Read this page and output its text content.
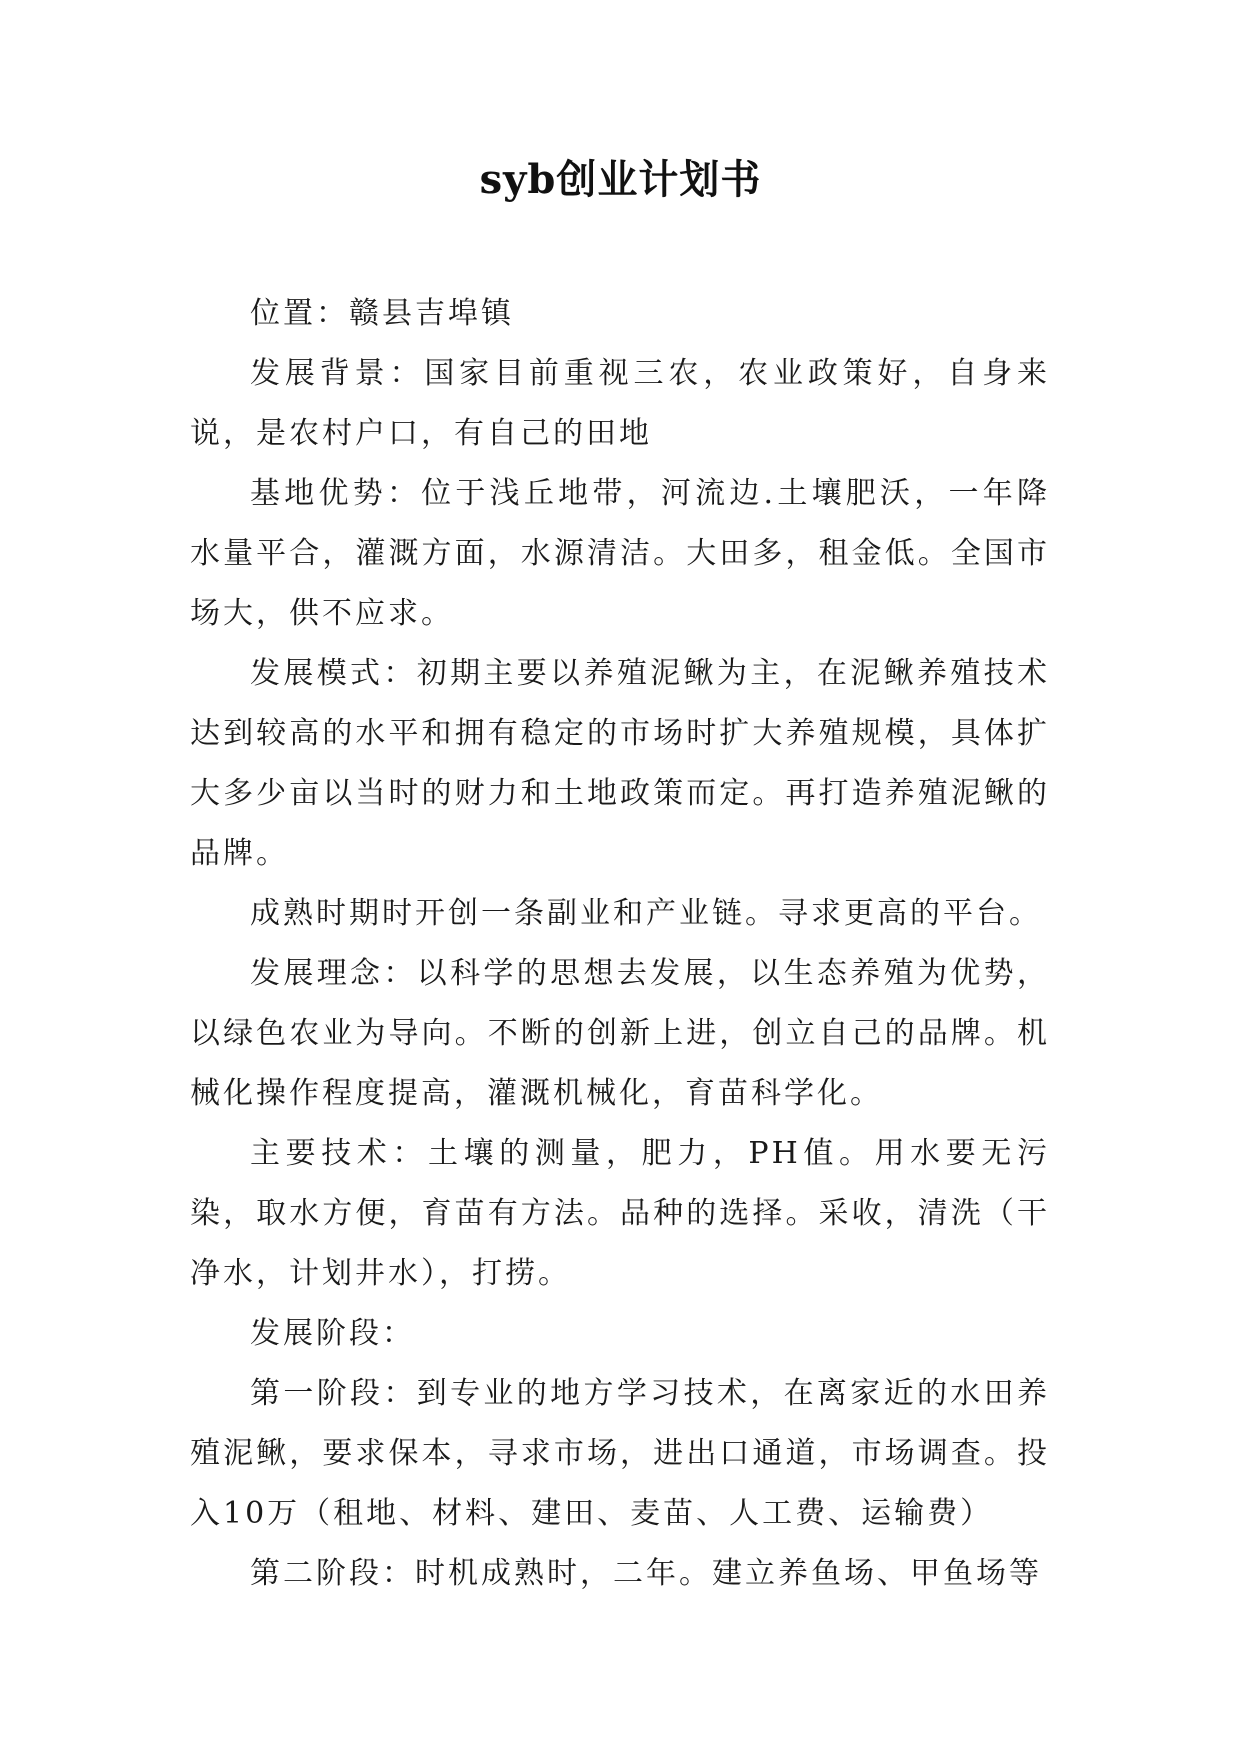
syb创业计划书

位置：赣县吉埠镇

发展背景：国家目前重视三农，农业政策好，自身来说，是农村户口，有自己的田地

基地优势：位于浅丘地带，河流边.土壤肥沃，一年降水量平合，灌溉方面，水源清洁。大田多，租金低。全国市场大，供不应求。

发展模式：初期主要以养殖泥鳅为主，在泥鳅养殖技术达到较高的水平和拥有稳定的市场时扩大养殖规模，具体扩大多少亩以当时的财力和土地政策而定。再打造养殖泥鳅的品牌。

成熟时期时开创一条副业和产业链。寻求更高的平台。

发展理念：以科学的思想去发展，以生态养殖为优势，以绿色农业为导向。不断的创新上进，创立自己的品牌。机械化操作程度提高，灌溉机械化，育苗科学化。

主要技术：土壤的测量，肥力，PH值。用水要无污染，取水方便，育苗有方法。品种的选择。采收，清洗（干净水，计划井水），打捞。

发展阶段：

第一阶段：到专业的地方学习技术，在离家近的水田养殖泥鳅，要求保本，寻求市场，进出口通道，市场调查。投入10万（租地、材料、建田、麦苗、人工费、运输费）

第二阶段：时机成熟时，二年。建立养鱼场、甲鱼场等
